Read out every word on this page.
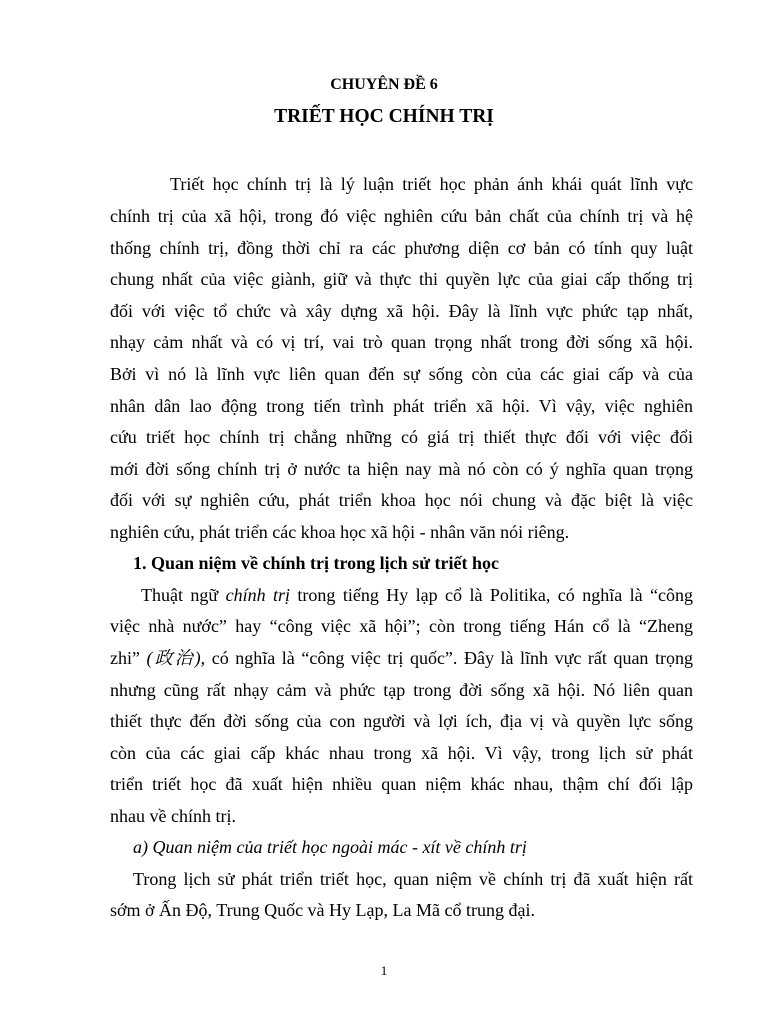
CHUYÊN ĐỀ 6

TRIẾT HỌC CHÍNH TRỊ

Triết học chính trị là lý luận triết học phản ánh khái quát lĩnh vực

chính trị của xã hội, trong đó việc nghiên cứu bản chất của chính trị và hệ

thống chính trị, đồng thời chỉ ra các phương diện cơ bản có tính quy luật

chung nhất của việc giành, giữ và thực thi quyền lực của giai cấp thống trị

đối với việc tổ chức và xây dựng xã hội. Đây là lĩnh vực phức tạp nhất,

nhạy cảm nhất và có vị trí, vai trò quan trọng nhất trong đời sống xã hội.

Bởi vì nó là lĩnh vực liên quan đến sự sống còn của các giai cấp và của

nhân dân lao động trong tiến trình phát triển xã hội. Vì vậy, việc nghiên

cứu triết học chính trị chẳng những có giá trị thiết thực đối với việc đổi

mới đời sống chính trị ở nước ta hiện nay mà nó còn có ý nghĩa quan trọng

đối với sự nghiên cứu, phát triển khoa học nói chung và đặc biệt là việc

nghiên cứu, phát triển các khoa học xã hội - nhân văn nói riêng.

1. Quan niệm về chính trị trong lịch sử triết học

Thuật ngữ chính trị trong tiếng Hy lạp cổ là Politika, có nghĩa là “công

việc nhà nước” hay “công việc xã hội”; còn trong tiếng Hán cổ là “Zheng

zhi” (政治), có nghĩa là “công việc trị quốc”. Đây là lĩnh vực rất quan trọng

nhưng cũng rất nhạy cảm và phức tạp trong đời sống xã hội. Nó liên quan

thiết thực đến đời sống của con người và lợi ích, địa vị và quyền lực sống

còn của các giai cấp khác nhau trong xã hội. Vì vậy, trong lịch sử phát

triển triết học đã xuất hiện nhiều quan niệm khác nhau, thậm chí đối lập

nhau về chính trị.

a) Quan niệm của triết học ngoài mác - xít về chính trị

Trong lịch sử phát triển triết học, quan niệm về chính trị đã xuất hiện rất

sớm ở Ấn Độ, Trung Quốc và Hy Lạp, La Mã cổ trung đại.

1
